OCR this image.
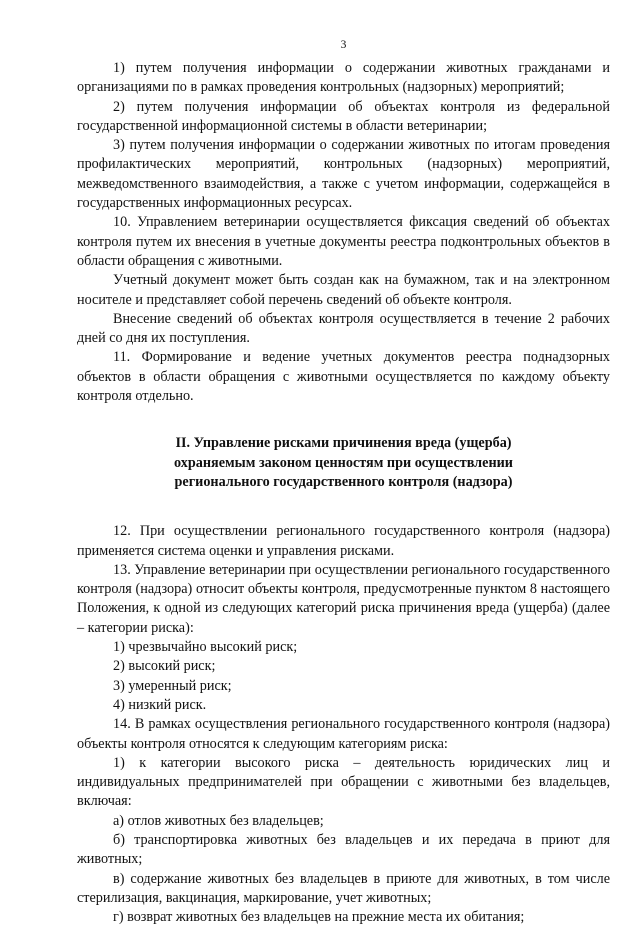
3

1) путем получения информации о содержании животных гражданами и организациями по в рамках проведения контрольных (надзорных) мероприятий;

2) путем получения информации об объектах контроля из федеральной государственной информационной системы в области ветеринарии;

3) путем получения информации о содержании животных по итогам проведения профилактических мероприятий, контрольных (надзорных) мероприятий, межведомственного взаимодействия, а также с учетом информации, содержащейся в государственных информационных ресурсах.

10. Управлением ветеринарии осуществляется фиксация сведений об объектах контроля путем их внесения в учетные документы реестра подконтрольных объектов в области обращения с животными.

Учетный документ может быть создан как на бумажном, так и на электронном носителе и представляет собой перечень сведений об объекте контроля.

Внесение сведений об объектах контроля осуществляется в течение 2 рабочих дней со дня их поступления.

11. Формирование и ведение учетных документов реестра поднадзорных объектов в области обращения с животными осуществляется по каждому объекту контроля отдельно.

II. Управление рисками причинения вреда (ущерба)
охраняемым законом ценностям при осуществлении
регионального государственного контроля (надзора)

12. При осуществлении регионального государственного контроля (надзора) применяется система оценки и управления рисками.

13. Управление ветеринарии при осуществлении регионального государственного контроля (надзора) относит объекты контроля, предусмотренные пунктом 8 настоящего Положения, к одной из следующих категорий риска причинения вреда (ущерба) (далее – категории риска):

1) чрезвычайно высокий риск;

2) высокий риск;

3) умеренный риск;

4) низкий риск.

14. В рамках осуществления регионального государственного контроля (надзора) объекты контроля относятся к следующим категориям риска:

1) к категории высокого риска – деятельность юридических лиц и индивидуальных предпринимателей при обращении с животными без владельцев, включая:

а) отлов животных без владельцев;

б) транспортировка животных без владельцев и их передача в приют для животных;

в) содержание животных без владельцев в приюте для животных, в том числе стерилизация, вакцинация, маркирование, учет животных;

г) возврат животных без владельцев на прежние места их обитания;
